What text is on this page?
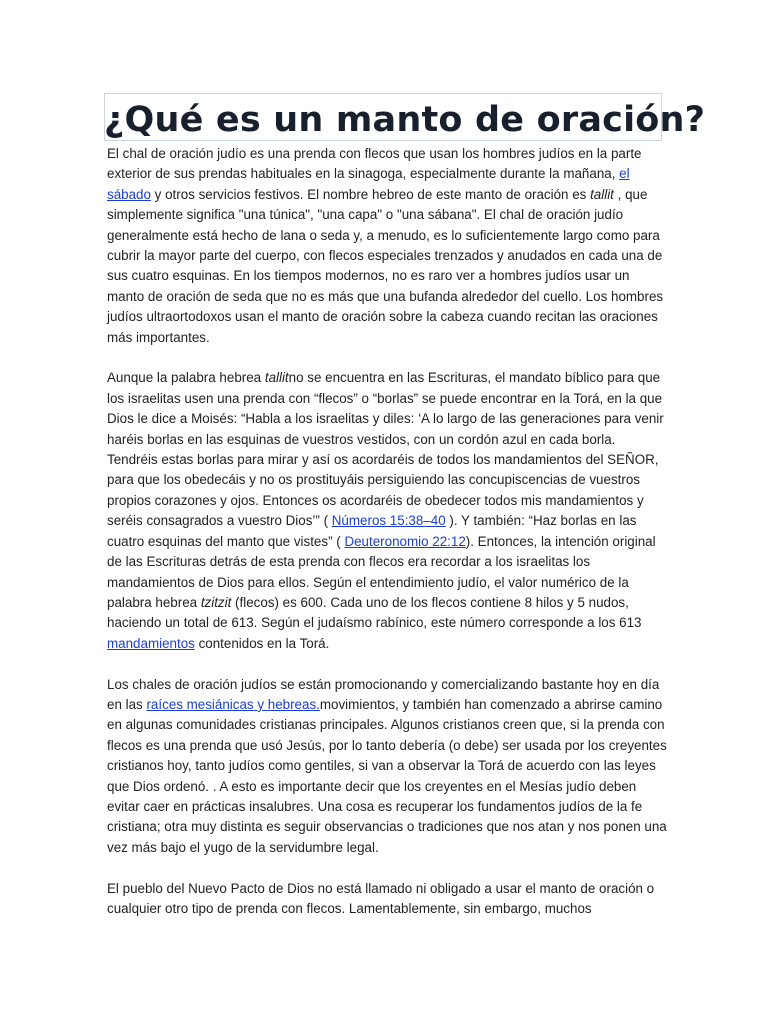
¿Qué es un manto de oración?

El chal de oración judío es una prenda con flecos que usan los hombres judíos en la parte exterior de sus prendas habituales en la sinagoga, especialmente durante la mañana, el sábado y otros servicios festivos. El nombre hebreo de este manto de oración es tallit , que simplemente significa "una túnica", "una capa" o "una sábana". El chal de oración judío generalmente está hecho de lana o seda y, a menudo, es lo suficientemente largo como para cubrir la mayor parte del cuerpo, con flecos especiales trenzados y anudados en cada una de sus cuatro esquinas. En los tiempos modernos, no es raro ver a hombres judíos usar un manto de oración de seda que no es más que una bufanda alrededor del cuello. Los hombres judíos ultraortodoxos usan el manto de oración sobre la cabeza cuando recitan las oraciones más importantes.

Aunque la palabra hebrea tallitno se encuentra en las Escrituras, el mandato bíblico para que los israelitas usen una prenda con “flecos” o “borlas” se puede encontrar en la Torá, en la que Dios le dice a Moisés: “Habla a los israelitas y diles: ‘A lo largo de las generaciones para venir haréis borlas en las esquinas de vuestros vestidos, con un cordón azul en cada borla. Tendréis estas borlas para mirar y así os acordaréis de todos los mandamientos del SEÑOR, para que los obedecáis y no os prostituyáis persiguiendo las concupiscencias de vuestros propios corazones y ojos. Entonces os acordaréis de obedecer todos mis mandamientos y seréis consagrados a vuestro Dios’” ( Números 15:38–40 ). Y también: “Haz borlas en las cuatro esquinas del manto que vistes” ( Deuteronomio 22:12). Entonces, la intención original de las Escrituras detrás de esta prenda con flecos era recordar a los israelitas los mandamientos de Dios para ellos. Según el entendimiento judío, el valor numérico de la palabra hebrea tzitzit (flecos) es 600. Cada uno de los flecos contiene 8 hilos y 5 nudos, haciendo un total de 613. Según el judaísmo rabínico, este número corresponde a los 613 mandamientos contenidos en la Torá.

Los chales de oración judíos se están promocionando y comercializando bastante hoy en día en las raíces mesiánicas y hebreas.movimientos, y también han comenzado a abrirse camino en algunas comunidades cristianas principales. Algunos cristianos creen que, si la prenda con flecos es una prenda que usó Jesús, por lo tanto debería (o debe) ser usada por los creyentes cristianos hoy, tanto judíos como gentiles, si van a observar la Torá de acuerdo con las leyes que Dios ordenó. . A esto es importante decir que los creyentes en el Mesías judío deben evitar caer en prácticas insalubres. Una cosa es recuperar los fundamentos judíos de la fe cristiana; otra muy distinta es seguir observancias o tradiciones que nos atan y nos ponen una vez más bajo el yugo de la servidumbre legal.

El pueblo del Nuevo Pacto de Dios no está llamado ni obligado a usar el manto de oración o cualquier otro tipo de prenda con flecos. Lamentablemente, sin embargo, muchos
